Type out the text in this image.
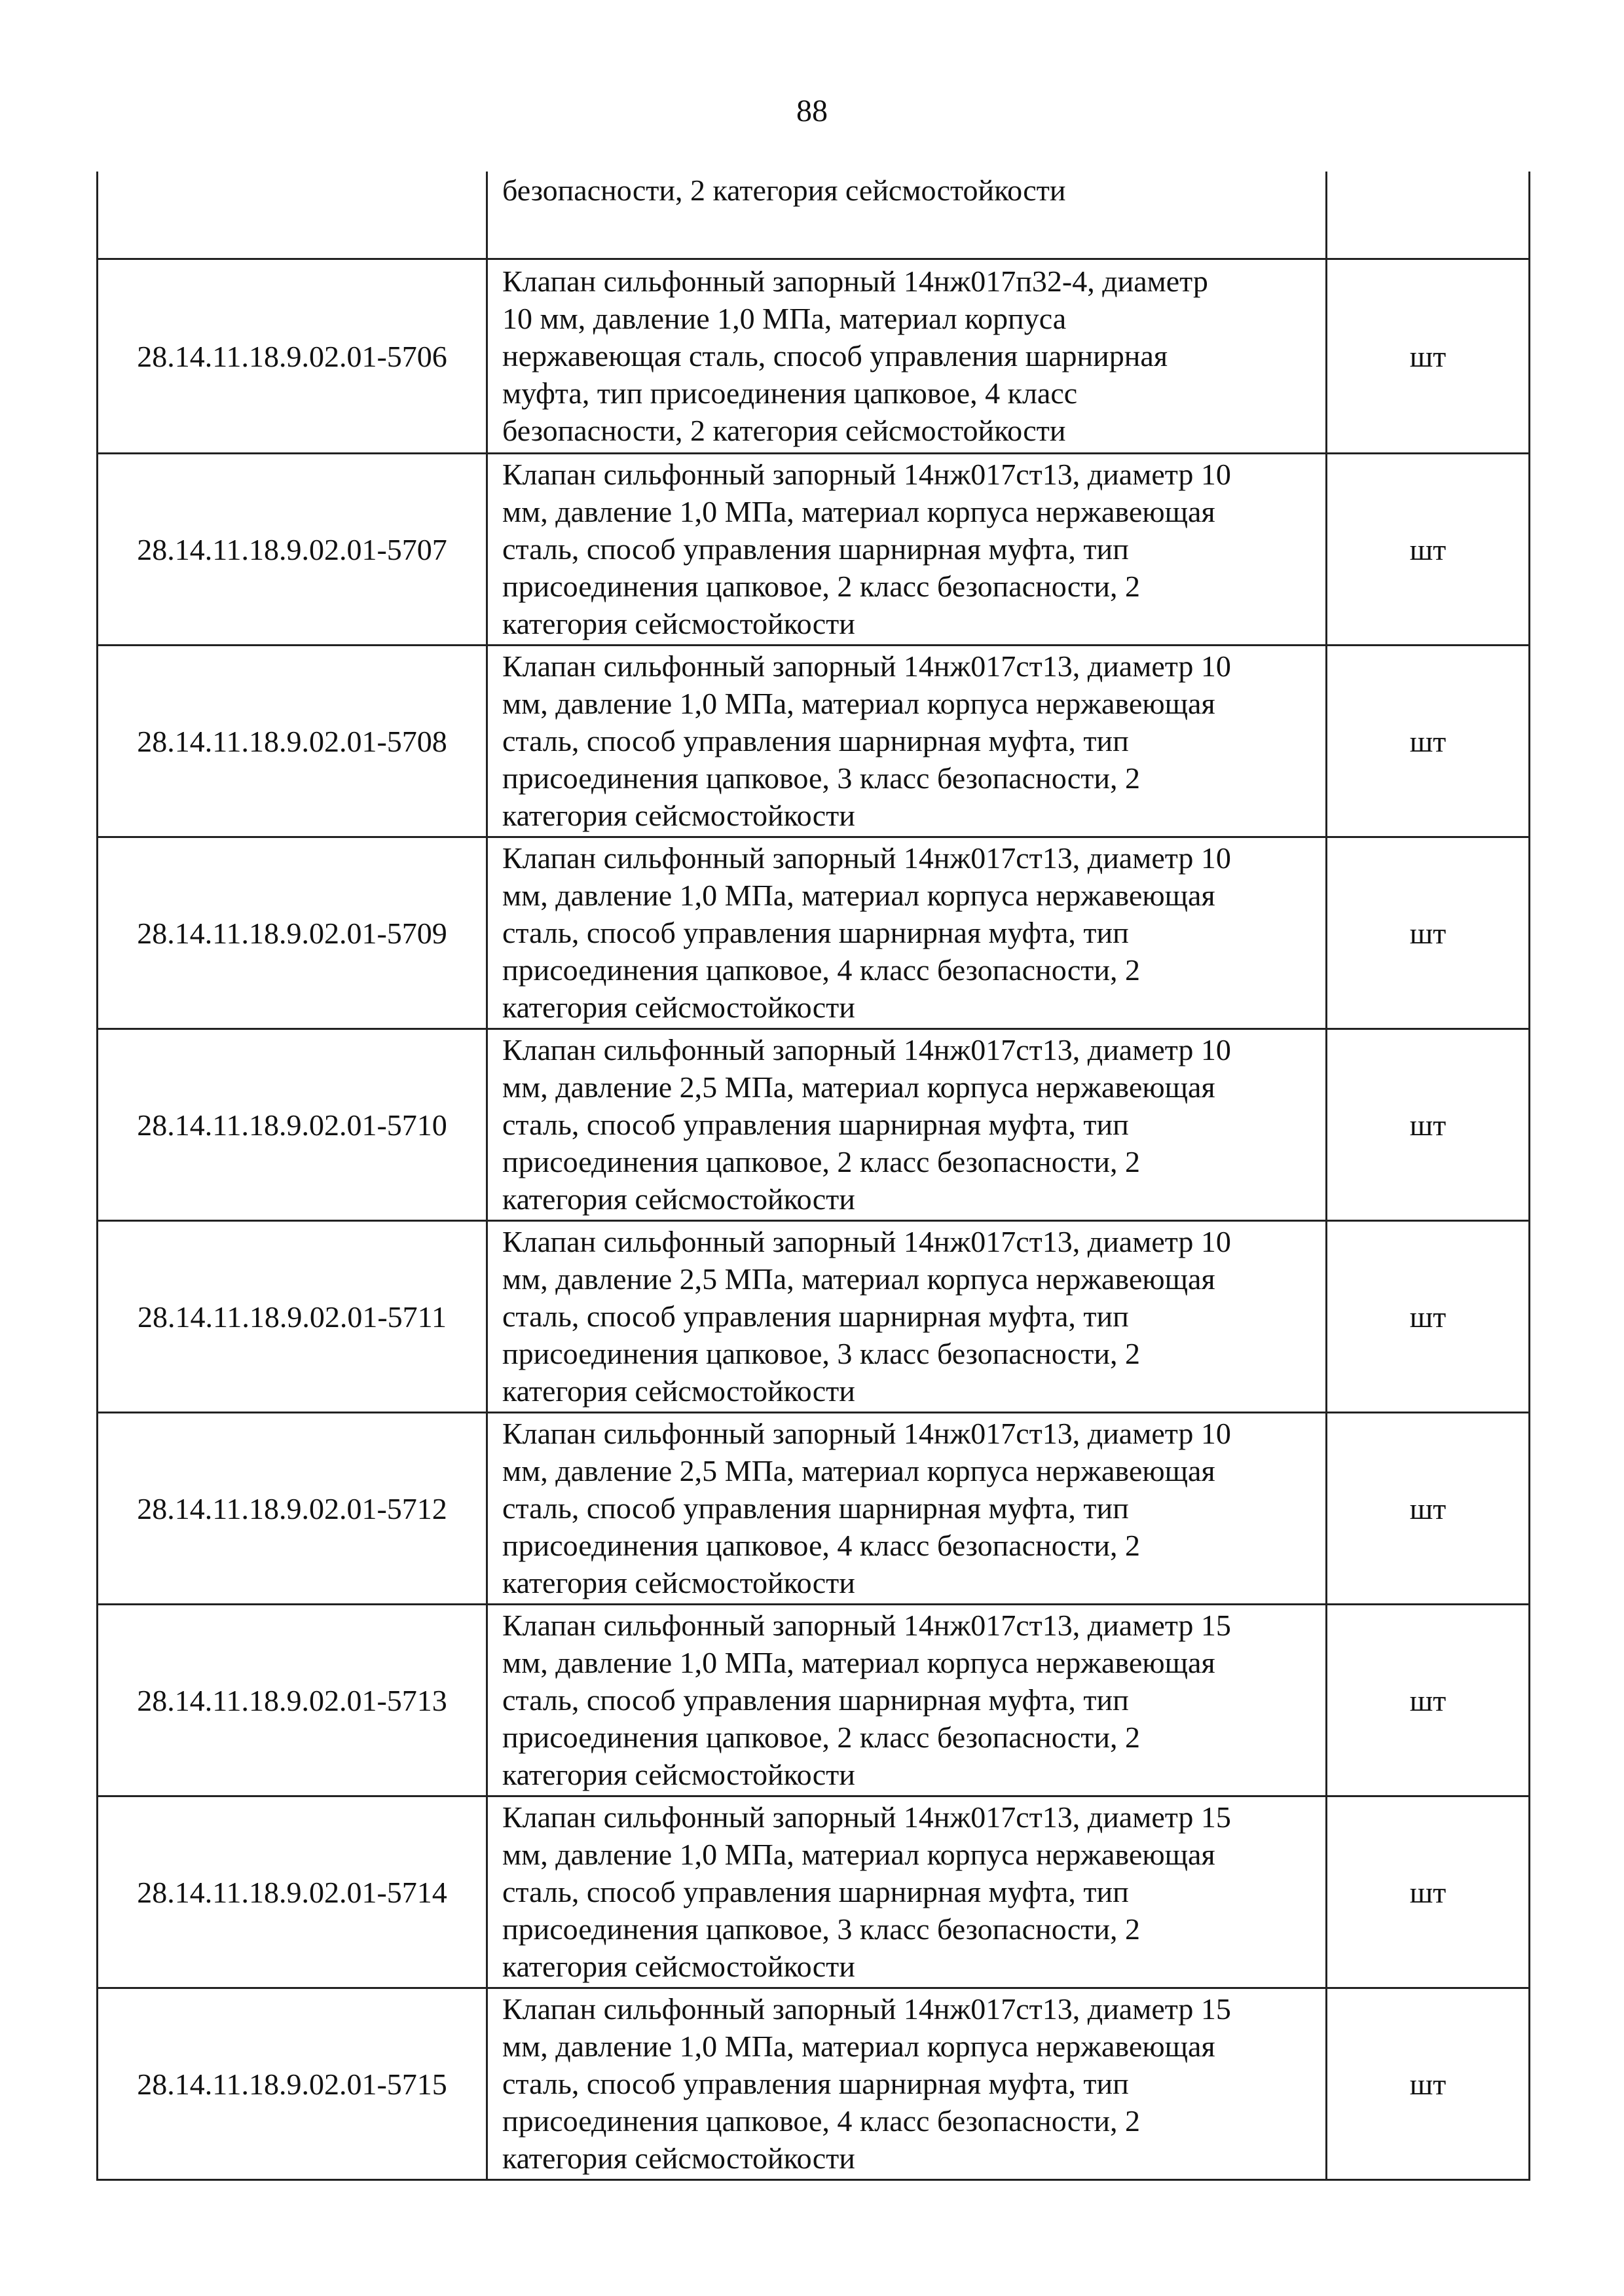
88
	безопасности, 2 категория сейсмостойкости	
28.14.11.18.9.02.01-5706	Клапан сильфонный запорный 14нж017п32-4, диаметр
10 мм, давление 1,0 МПа, материал корпуса
нержавеющая сталь, способ управления шарнирная
муфта, тип присоединения цапковое, 4 класс
безопасности, 2 категория сейсмостойкости	шт
28.14.11.18.9.02.01-5707	Клапан сильфонный запорный 14нж017ст13, диаметр 10
мм, давление 1,0 МПа, материал корпуса нержавеющая
сталь, способ управления шарнирная муфта, тип
присоединения цапковое, 2 класс безопасности, 2
категория сейсмостойкости	шт
28.14.11.18.9.02.01-5708	Клапан сильфонный запорный 14нж017ст13, диаметр 10
мм, давление 1,0 МПа, материал корпуса нержавеющая
сталь, способ управления шарнирная муфта, тип
присоединения цапковое, 3 класс безопасности, 2
категория сейсмостойкости	шт
28.14.11.18.9.02.01-5709	Клапан сильфонный запорный 14нж017ст13, диаметр 10
мм, давление 1,0 МПа, материал корпуса нержавеющая
сталь, способ управления шарнирная муфта, тип
присоединения цапковое, 4 класс безопасности, 2
категория сейсмостойкости	шт
28.14.11.18.9.02.01-5710	Клапан сильфонный запорный 14нж017ст13, диаметр 10
мм, давление 2,5 МПа, материал корпуса нержавеющая
сталь, способ управления шарнирная муфта, тип
присоединения цапковое, 2 класс безопасности, 2
категория сейсмостойкости	шт
28.14.11.18.9.02.01-5711	Клапан сильфонный запорный 14нж017ст13, диаметр 10
мм, давление 2,5 МПа, материал корпуса нержавеющая
сталь, способ управления шарнирная муфта, тип
присоединения цапковое, 3 класс безопасности, 2
категория сейсмостойкости	шт
28.14.11.18.9.02.01-5712	Клапан сильфонный запорный 14нж017ст13, диаметр 10
мм, давление 2,5 МПа, материал корпуса нержавеющая
сталь, способ управления шарнирная муфта, тип
присоединения цапковое, 4 класс безопасности, 2
категория сейсмостойкости	шт
28.14.11.18.9.02.01-5713	Клапан сильфонный запорный 14нж017ст13, диаметр 15
мм, давление 1,0 МПа, материал корпуса нержавеющая
сталь, способ управления шарнирная муфта, тип
присоединения цапковое, 2 класс безопасности, 2
категория сейсмостойкости	шт
28.14.11.18.9.02.01-5714	Клапан сильфонный запорный 14нж017ст13, диаметр 15
мм, давление 1,0 МПа, материал корпуса нержавеющая
сталь, способ управления шарнирная муфта, тип
присоединения цапковое, 3 класс безопасности, 2
категория сейсмостойкости	шт
28.14.11.18.9.02.01-5715	Клапан сильфонный запорный 14нж017ст13, диаметр 15
мм, давление 1,0 МПа, материал корпуса нержавеющая
сталь, способ управления шарнирная муфта, тип
присоединения цапковое, 4 класс безопасности, 2
категория сейсмостойкости	шт
